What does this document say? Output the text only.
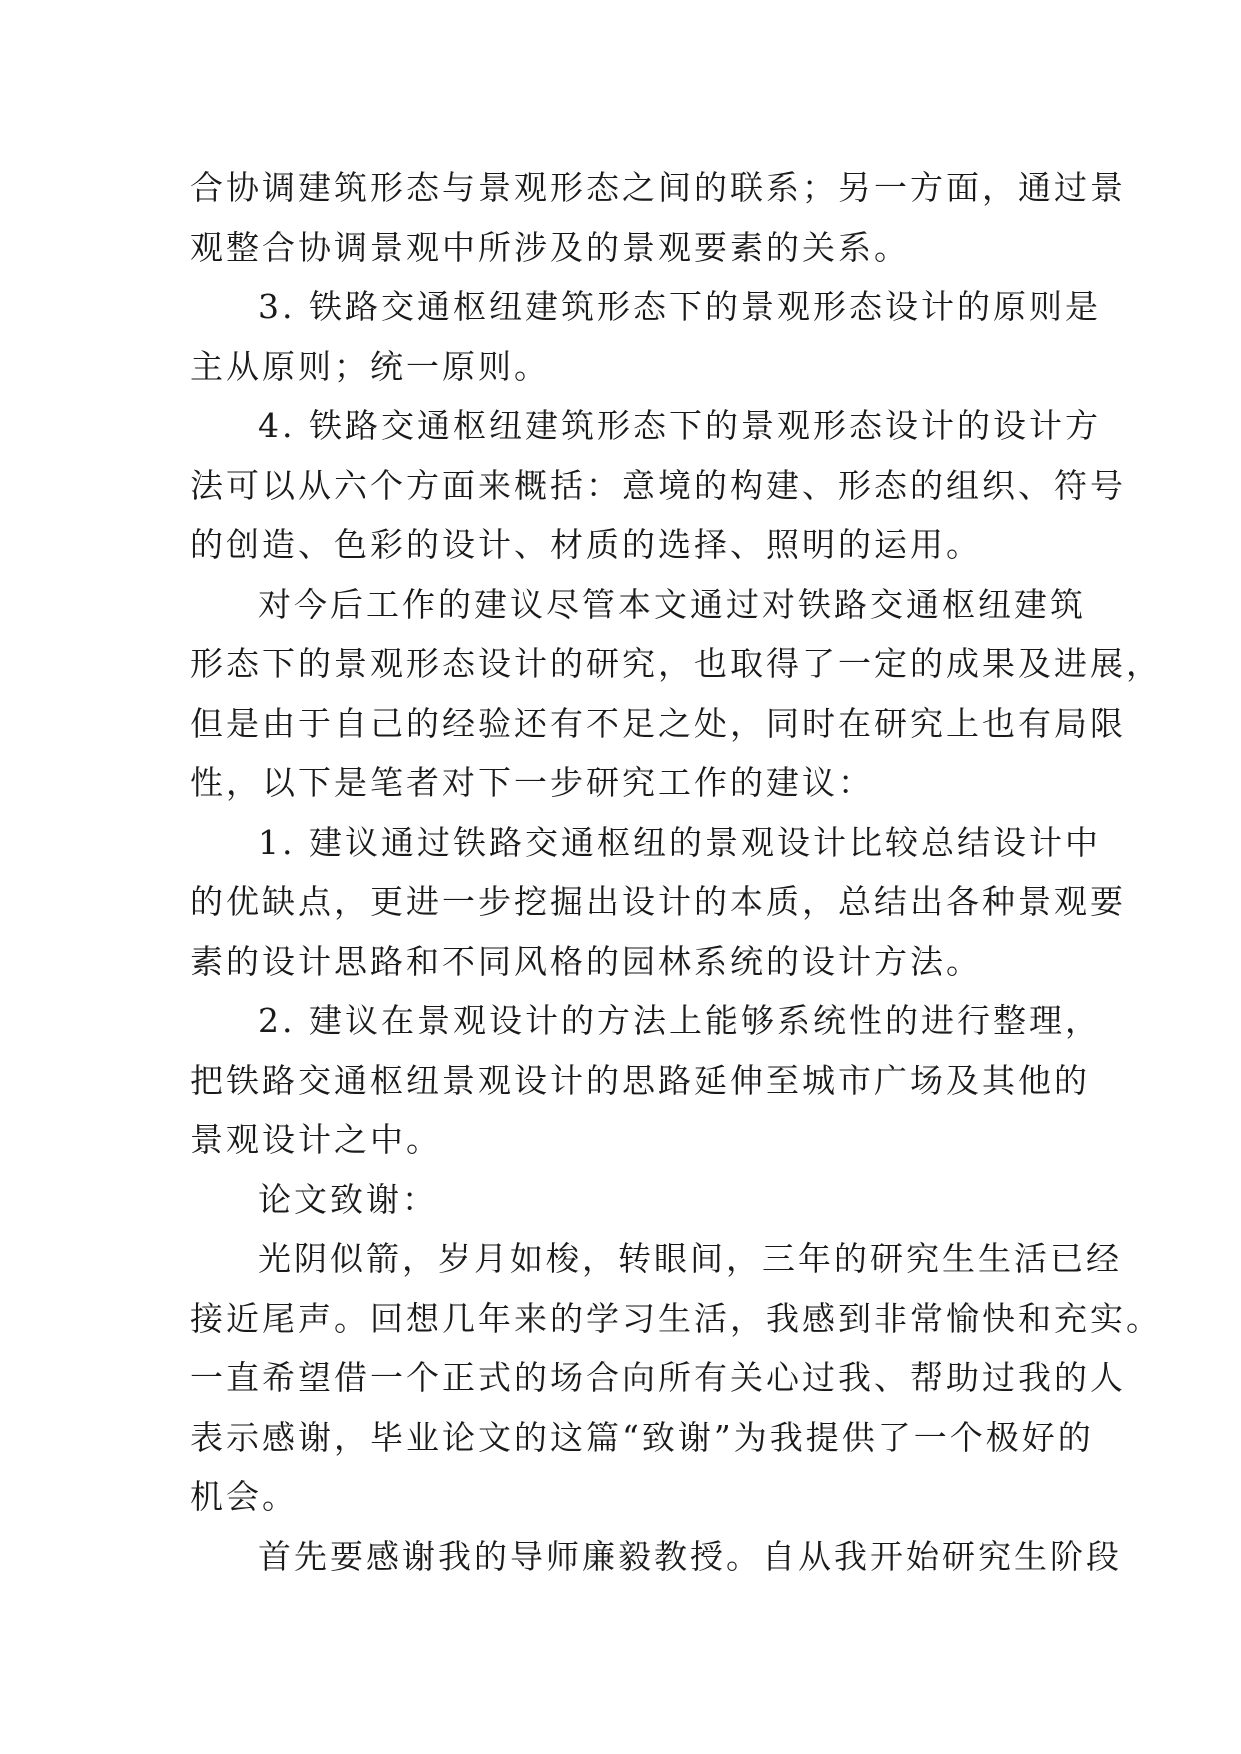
合协调建筑形态与景观形态之间的联系；另一方面，通过景
观整合协调景观中所涉及的景观要素的关系。

3. 铁路交通枢纽建筑形态下的景观形态设计的原则是
主从原则；统一原则。

4. 铁路交通枢纽建筑形态下的景观形态设计的设计方
法可以从六个方面来概括：意境的构建、形态的组织、符号
的创造、色彩的设计、材质的选择、照明的运用。

对今后工作的建议尽管本文通过对铁路交通枢纽建筑
形态下的景观形态设计的研究，也取得了一定的成果及进展，
但是由于自己的经验还有不足之处，同时在研究上也有局限
性，以下是笔者对下一步研究工作的建议：

1. 建议通过铁路交通枢纽的景观设计比较总结设计中
的优缺点，更进一步挖掘出设计的本质，总结出各种景观要
素的设计思路和不同风格的园林系统的设计方法。

2. 建议在景观设计的方法上能够系统性的进行整理，
把铁路交通枢纽景观设计的思路延伸至城市广场及其他的
景观设计之中。

论文致谢：

光阴似箭，岁月如梭，转眼间，三年的研究生生活已经
接近尾声。回想几年来的学习生活，我感到非常愉快和充实。
一直希望借一个正式的场合向所有关心过我、帮助过我的人
表示感谢，毕业论文的这篇“致谢”为我提供了一个极好的
机会。

首先要感谢我的导师廉毅教授。自从我开始研究生阶段
